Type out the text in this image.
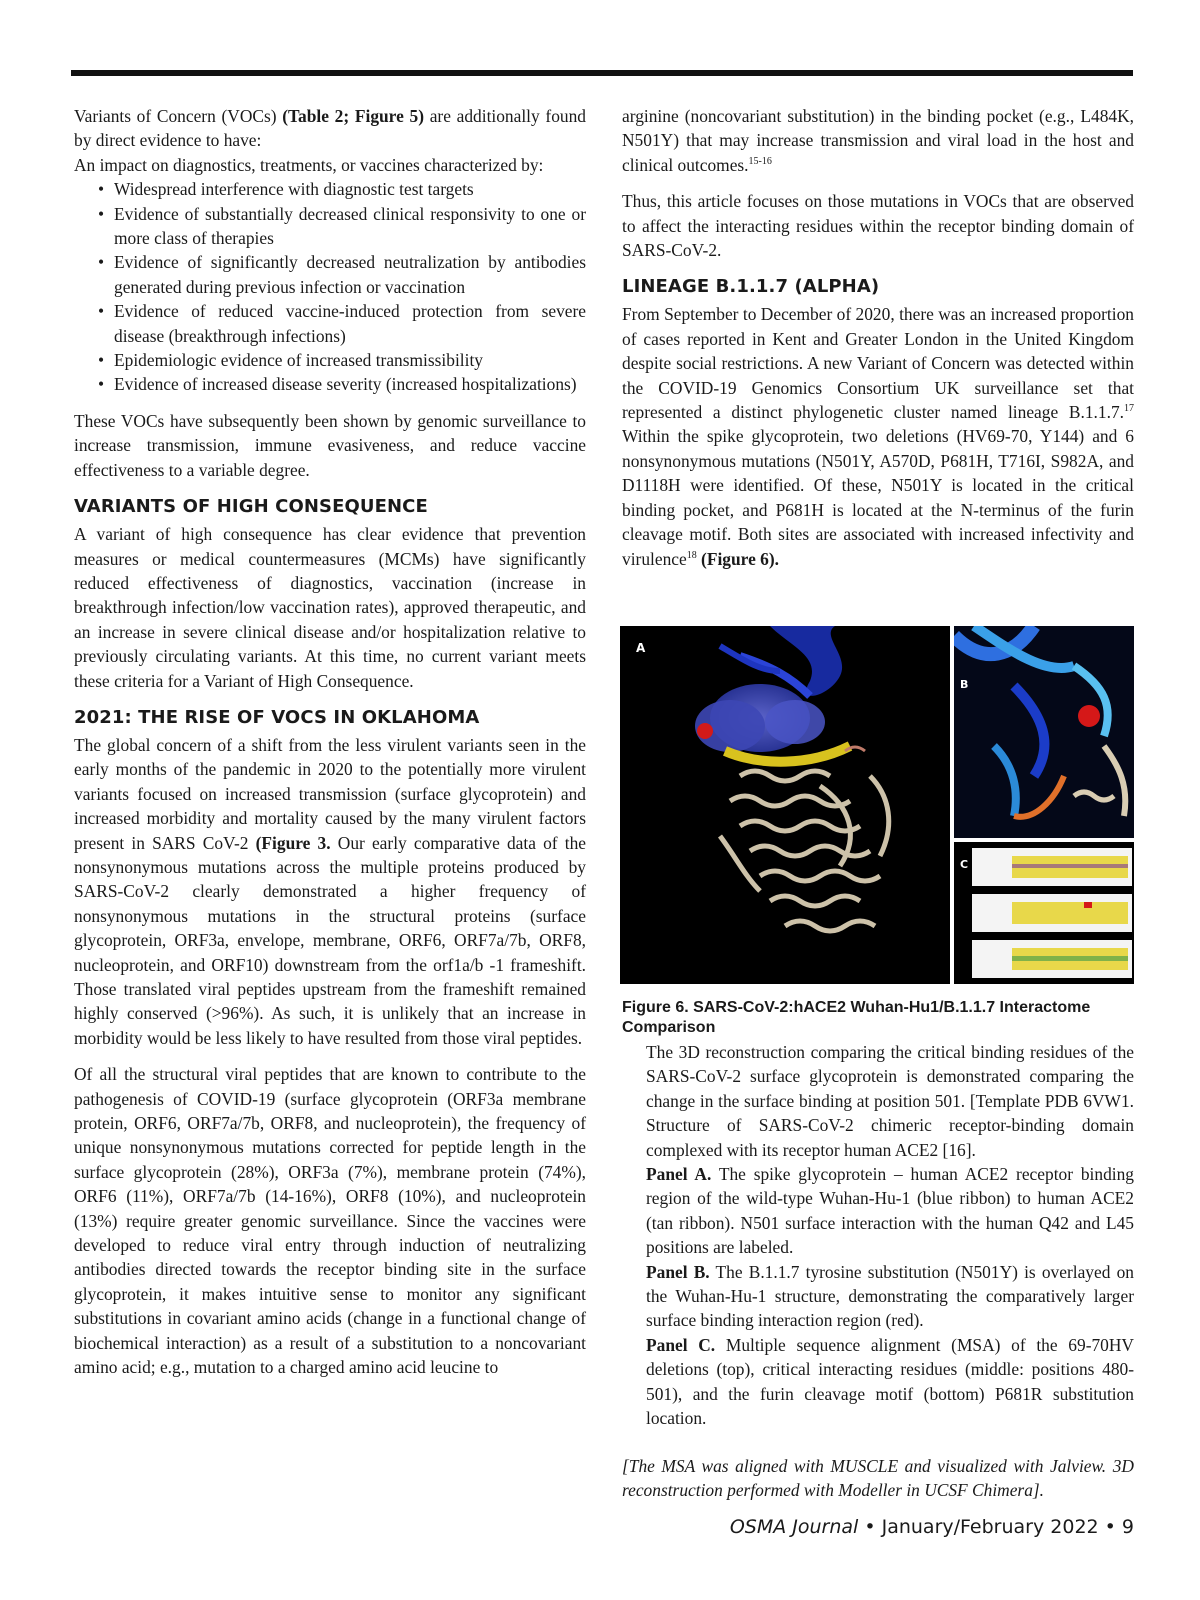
Variants of Concern (VOCs) (Table 2; Figure 5) are additionally found by direct evidence to have:

An impact on diagnostics, treatments, or vaccines characterized by:

• Widespread interference with diagnostic test targets
• Evidence of substantially decreased clinical responsivity to one or more class of therapies
• Evidence of significantly decreased neutralization by antibodies generated during previous infection or vaccination
• Evidence of reduced vaccine-induced protection from severe disease (breakthrough infections)
• Epidemiologic evidence of increased transmissibility
• Evidence of increased disease severity (increased hospitalizations)

These VOCs have subsequently been shown by genomic surveillance to increase transmission, immune evasiveness, and reduce vaccine effectiveness to a variable degree.

VARIANTS OF HIGH CONSEQUENCE

A variant of high consequence has clear evidence that prevention measures or medical countermeasures (MCMs) have significantly reduced effectiveness of diagnostics, vaccination (increase in breakthrough infection/low vaccination rates), approved therapeutic, and an increase in severe clinical disease and/or hospitalization relative to previously circulating variants. At this time, no current variant meets these criteria for a Variant of High Consequence.

2021: THE RISE OF VOCS IN OKLAHOMA

The global concern of a shift from the less virulent variants seen in the early months of the pandemic in 2020 to the potentially more virulent variants focused on increased transmission (surface glycoprotein) and increased morbidity and mortality caused by the many virulent factors present in SARS CoV-2 (Figure 3. Our early comparative data of the nonsynonymous mutations across the multiple proteins produced by SARS-CoV-2 clearly demonstrated a higher frequency of nonsynonymous mutations in the structural proteins (surface glycoprotein, ORF3a, envelope, membrane, ORF6, ORF7a/7b, ORF8, nucleoprotein, and ORF10) downstream from the orf1a/b -1 frameshift. Those translated viral peptides upstream from the frameshift remained highly conserved (>96%). As such, it is unlikely that an increase in morbidity would be less likely to have resulted from those viral peptides.

Of all the structural viral peptides that are known to contribute to the pathogenesis of COVID-19 (surface glycoprotein (ORF3a membrane protein, ORF6, ORF7a/7b, ORF8, and nucleoprotein), the frequency of unique nonsynonymous mutations corrected for peptide length in the surface glycoprotein (28%), ORF3a (7%), membrane protein (74%), ORF6 (11%), ORF7a/7b (14-16%), ORF8 (10%), and nucleoprotein (13%) require greater genomic surveillance. Since the vaccines were developed to reduce viral entry through induction of neutralizing antibodies directed towards the receptor binding site in the surface glycoprotein, it makes intuitive sense to monitor any significant substitutions in covariant amino acids (change in a functional change of biochemical interaction) as a result of a substitution to a noncovariant amino acid; e.g., mutation to a charged amino acid leucine to

arginine (noncovariant substitution) in the binding pocket (e.g., L484K, N501Y) that may increase transmission and viral load in the host and clinical outcomes.$^{15-16}$

Thus, this article focuses on those mutations in VOCs that are observed to affect the interacting residues within the receptor binding domain of SARS-CoV-2.

LINEAGE B.1.1.7 (ALPHA)

From September to December of 2020, there was an increased proportion of cases reported in Kent and Greater London in the United Kingdom despite social restrictions. A new Variant of Concern was detected within the COVID-19 Genomics Consortium UK surveillance set that represented a distinct phylogenetic cluster named lineage B.1.1.7.17 Within the spike glycoprotein, two deletions (HV69-70, Y144) and 6 nonsynonymous mutations (N501Y, A570D, P681H, T716I, S982A, and D1118H were identified. Of these, N501Y is located in the critical binding pocket, and P681H is located at the N-terminus of the furin cleavage motif. Both sites are associated with increased infectivity and virulence$^{18}$ (Figure 6).

A
B
C
Figure 6. SARS-CoV-2:hACE2 Wuhan-Hu1/B.1.1.7 Interactome Comparison

The 3D reconstruction comparing the critical binding residues of the SARS-CoV-2 surface glycoprotein is demonstrated comparing the change in the surface binding at position 501. [Template PDB 6VW1. Structure of SARS-CoV-2 chimeric receptor-binding domain complexed with its receptor human ACE2 [16].

Panel A. The spike glycoprotein – human ACE2 receptor binding region of the wild-type Wuhan-Hu-1 (blue ribbon) to human ACE2 (tan ribbon). N501 surface interaction with the human Q42 and L45 positions are labeled.

Panel B. The B.1.1.7 tyrosine substitution (N501Y) is overlayed on the Wuhan-Hu-1 structure, demonstrating the comparatively larger surface binding interaction region (red).

Panel C. Multiple sequence alignment (MSA) of the 69-70HV deletions (top), critical interacting residues (middle: positions 480-501), and the furin cleavage motif (bottom) P681R substitution location.

[The MSA was aligned with MUSCLE and visualized with Jalview. 3D reconstruction performed with Modeller in UCSF Chimera].

OSMA Journal • January/February 2022 • 9
